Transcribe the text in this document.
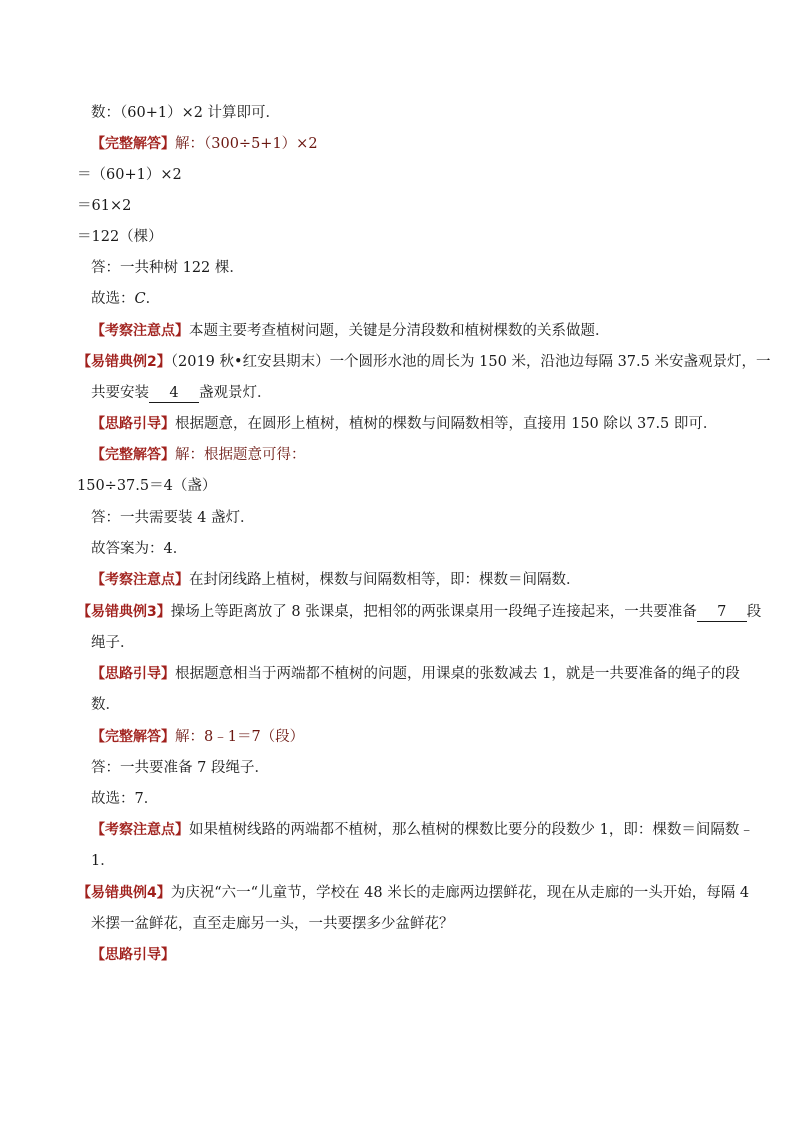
数：（60+1）×2 计算即可．
【完整解答】解：（300÷5+1）×2
＝（60+1）×2
＝61×2
＝122（棵）
答：一共种树 122 棵．
故选：C．
【考察注意点】本题主要考查植树问题，关键是分清段数和植树棵数的关系做题．
【易错典例2】（2019 秋•红安县期末）一个圆形水池的周长为 150 米，沿池边每隔 37.5 米安盏观景灯，一
共要安装 4 盏观景灯．
【思路引导】根据题意，在圆形上植树，植树的棵数与间隔数相等，直接用 150 除以 37.5 即可．
【完整解答】解：根据题意可得：
150÷37.5＝4（盏）
答：一共需要装 4 盏灯．
故答案为：4．
【考察注意点】在封闭线路上植树，棵数与间隔数相等，即：棵数＝间隔数．
【易错典例3】操场上等距离放了 8 张课桌，把相邻的两张课桌用一段绳子连接起来，一共要准备 7 段
绳子．
【思路引导】根据题意相当于两端都不植树的问题，用课桌的张数减去 1，就是一共要准备的绳子的段
数．
【完整解答】解：8﹣1＝7（段）
答：一共要准备 7 段绳子．
故选：7．
【考察注意点】如果植树线路的两端都不植树，那么植树的棵数比要分的段数少 1，即：棵数＝间隔数﹣
1．
【易错典例4】为庆祝“六一“儿童节，学校在 48 米长的走廊两边摆鲜花，现在从走廊的一头开始，每隔 4
米摆一盆鲜花，直至走廊另一头，一共要摆多少盆鲜花？
【思路引导】
